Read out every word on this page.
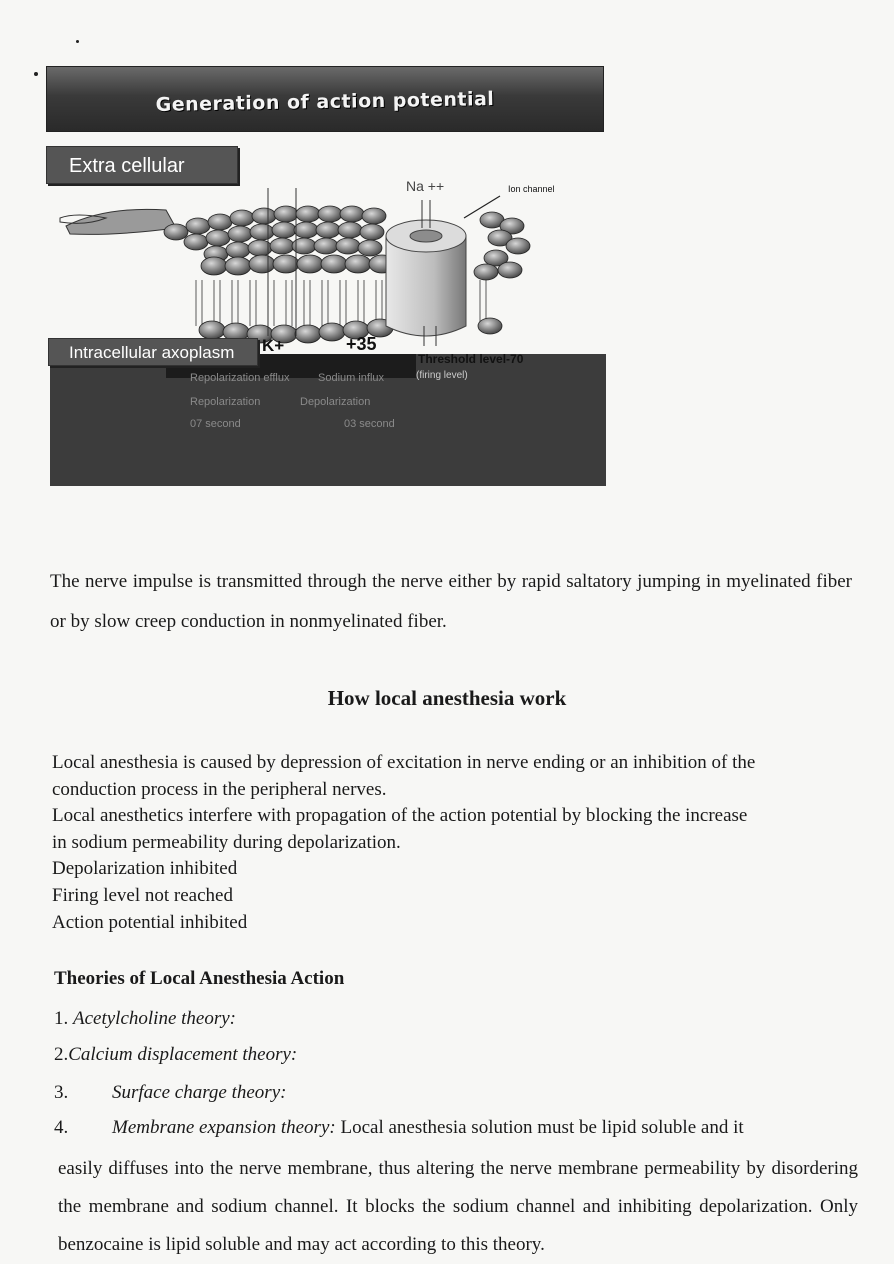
Generation of action potential
Extra cellular
Na ++	Ion channel
Repolarization efflux	Sodium influx
Repolarization	Depolarization
07 second	03 second
(firing level)
Intracellular axoplasm	K+	+35
Threshold level-70
The nerve impulse is transmitted through the nerve either by rapid saltatory jumping in myelinated fiber or by slow creep conduction in nonmyelinated fiber.
How local anesthesia work
Local anesthesia is caused by depression of excitation in nerve ending or an inhibition of the
conduction process in the peripheral nerves.
Local anesthetics interfere with propagation of the action potential by blocking the increase
in sodium permeability during depolarization.
Depolarization inhibited
Firing level not reached
Action potential inhibited
Theories of Local Anesthesia Action
1. Acetylcholine theory:
2.Calcium displacement theory:
3. Surface charge theory:
4. Membrane expansion theory: Local anesthesia solution must be lipid soluble and it
easily diffuses into the nerve membrane, thus altering the nerve membrane permeability by disordering the membrane and sodium channel. It blocks the sodium channel and inhibiting depolarization. Only benzocaine is lipid soluble and may act according to this theory.
